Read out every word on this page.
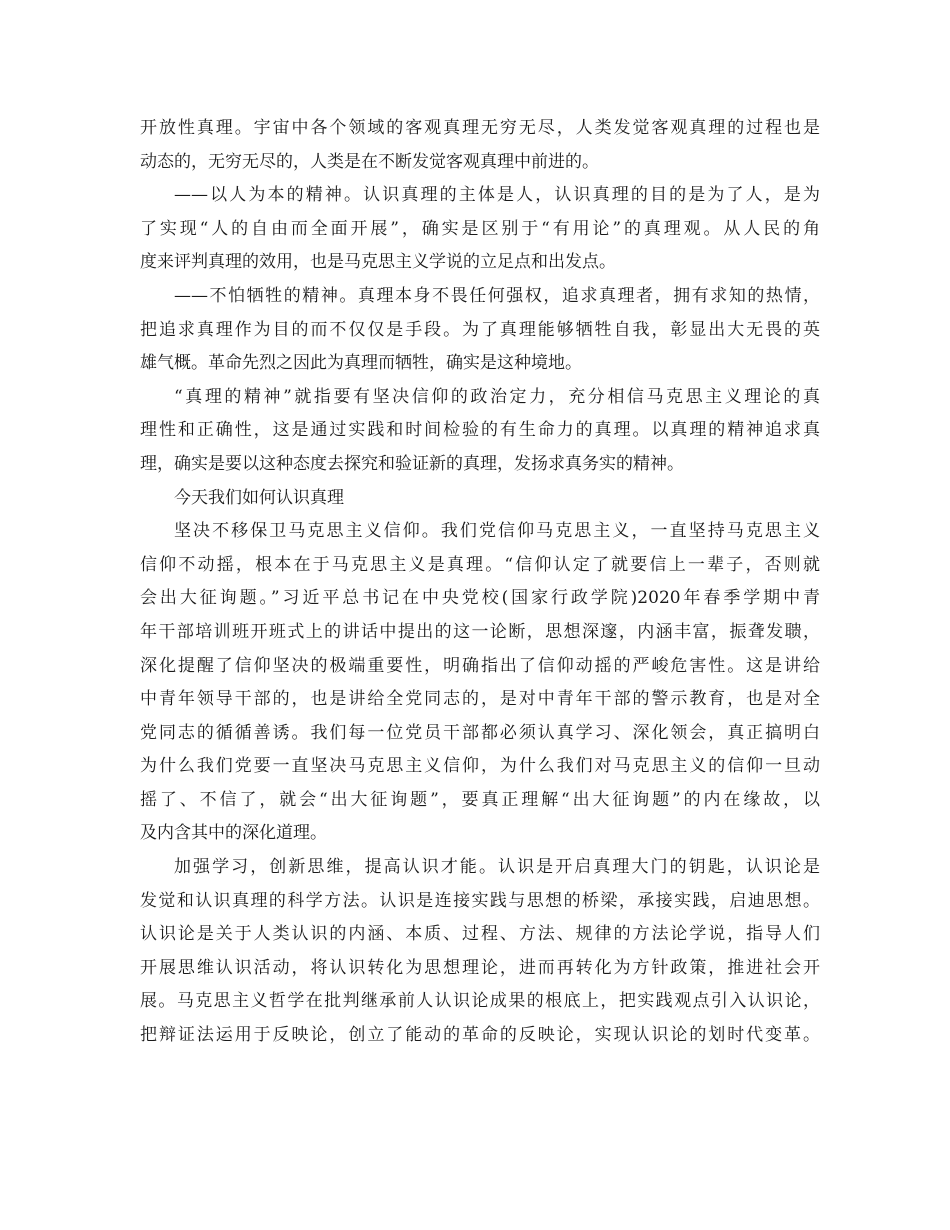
开放性真理。宇宙中各个领域的客观真理无穷无尽，人类发觉客观真理的过程也是
动态的，无穷无尽的，人类是在不断发觉客观真理中前进的。
——以人为本的精神。认识真理的主体是人，认识真理的目的是为了人，是为
了实现“人的自由而全面开展”，确实是区别于“有用论”的真理观。从人民的角
度来评判真理的效用，也是马克思主义学说的立足点和出发点。
——不怕牺牲的精神。真理本身不畏任何强权，追求真理者，拥有求知的热情，
把追求真理作为目的而不仅仅是手段。为了真理能够牺牲自我，彰显出大无畏的英
雄气概。革命先烈之因此为真理而牺牲，确实是这种境地。
“真理的精神”就指要有坚决信仰的政治定力，充分相信马克思主义理论的真
理性和正确性，这是通过实践和时间检验的有生命力的真理。以真理的精神追求真
理，确实是要以这种态度去探究和验证新的真理，发扬求真务实的精神。
今天我们如何认识真理
坚决不移保卫马克思主义信仰。我们党信仰马克思主义，一直坚持马克思主义
信仰不动摇，根本在于马克思主义是真理。“信仰认定了就要信上一辈子，否则就
会出大征询题。”习近平总书记在中央党校(国家行政学院)2020年春季学期中青
年干部培训班开班式上的讲话中提出的这一论断，思想深邃，内涵丰富，振聋发聩，
深化提醒了信仰坚决的极端重要性，明确指出了信仰动摇的严峻危害性。这是讲给
中青年领导干部的，也是讲给全党同志的，是对中青年干部的警示教育，也是对全
党同志的循循善诱。我们每一位党员干部都必须认真学习、深化领会，真正搞明白
为什么我们党要一直坚决马克思主义信仰，为什么我们对马克思主义的信仰一旦动
摇了、不信了，就会“出大征询题”，要真正理解“出大征询题”的内在缘故，以
及内含其中的深化道理。
加强学习，创新思维，提高认识才能。认识是开启真理大门的钥匙，认识论是
发觉和认识真理的科学方法。认识是连接实践与思想的桥梁，承接实践，启迪思想。
认识论是关于人类认识的内涵、本质、过程、方法、规律的方法论学说，指导人们
开展思维认识活动，将认识转化为思想理论，进而再转化为方针政策，推进社会开
展。马克思主义哲学在批判继承前人认识论成果的根底上，把实践观点引入认识论，
把辩证法运用于反映论，创立了能动的革命的反映论，实现认识论的划时代变革。
